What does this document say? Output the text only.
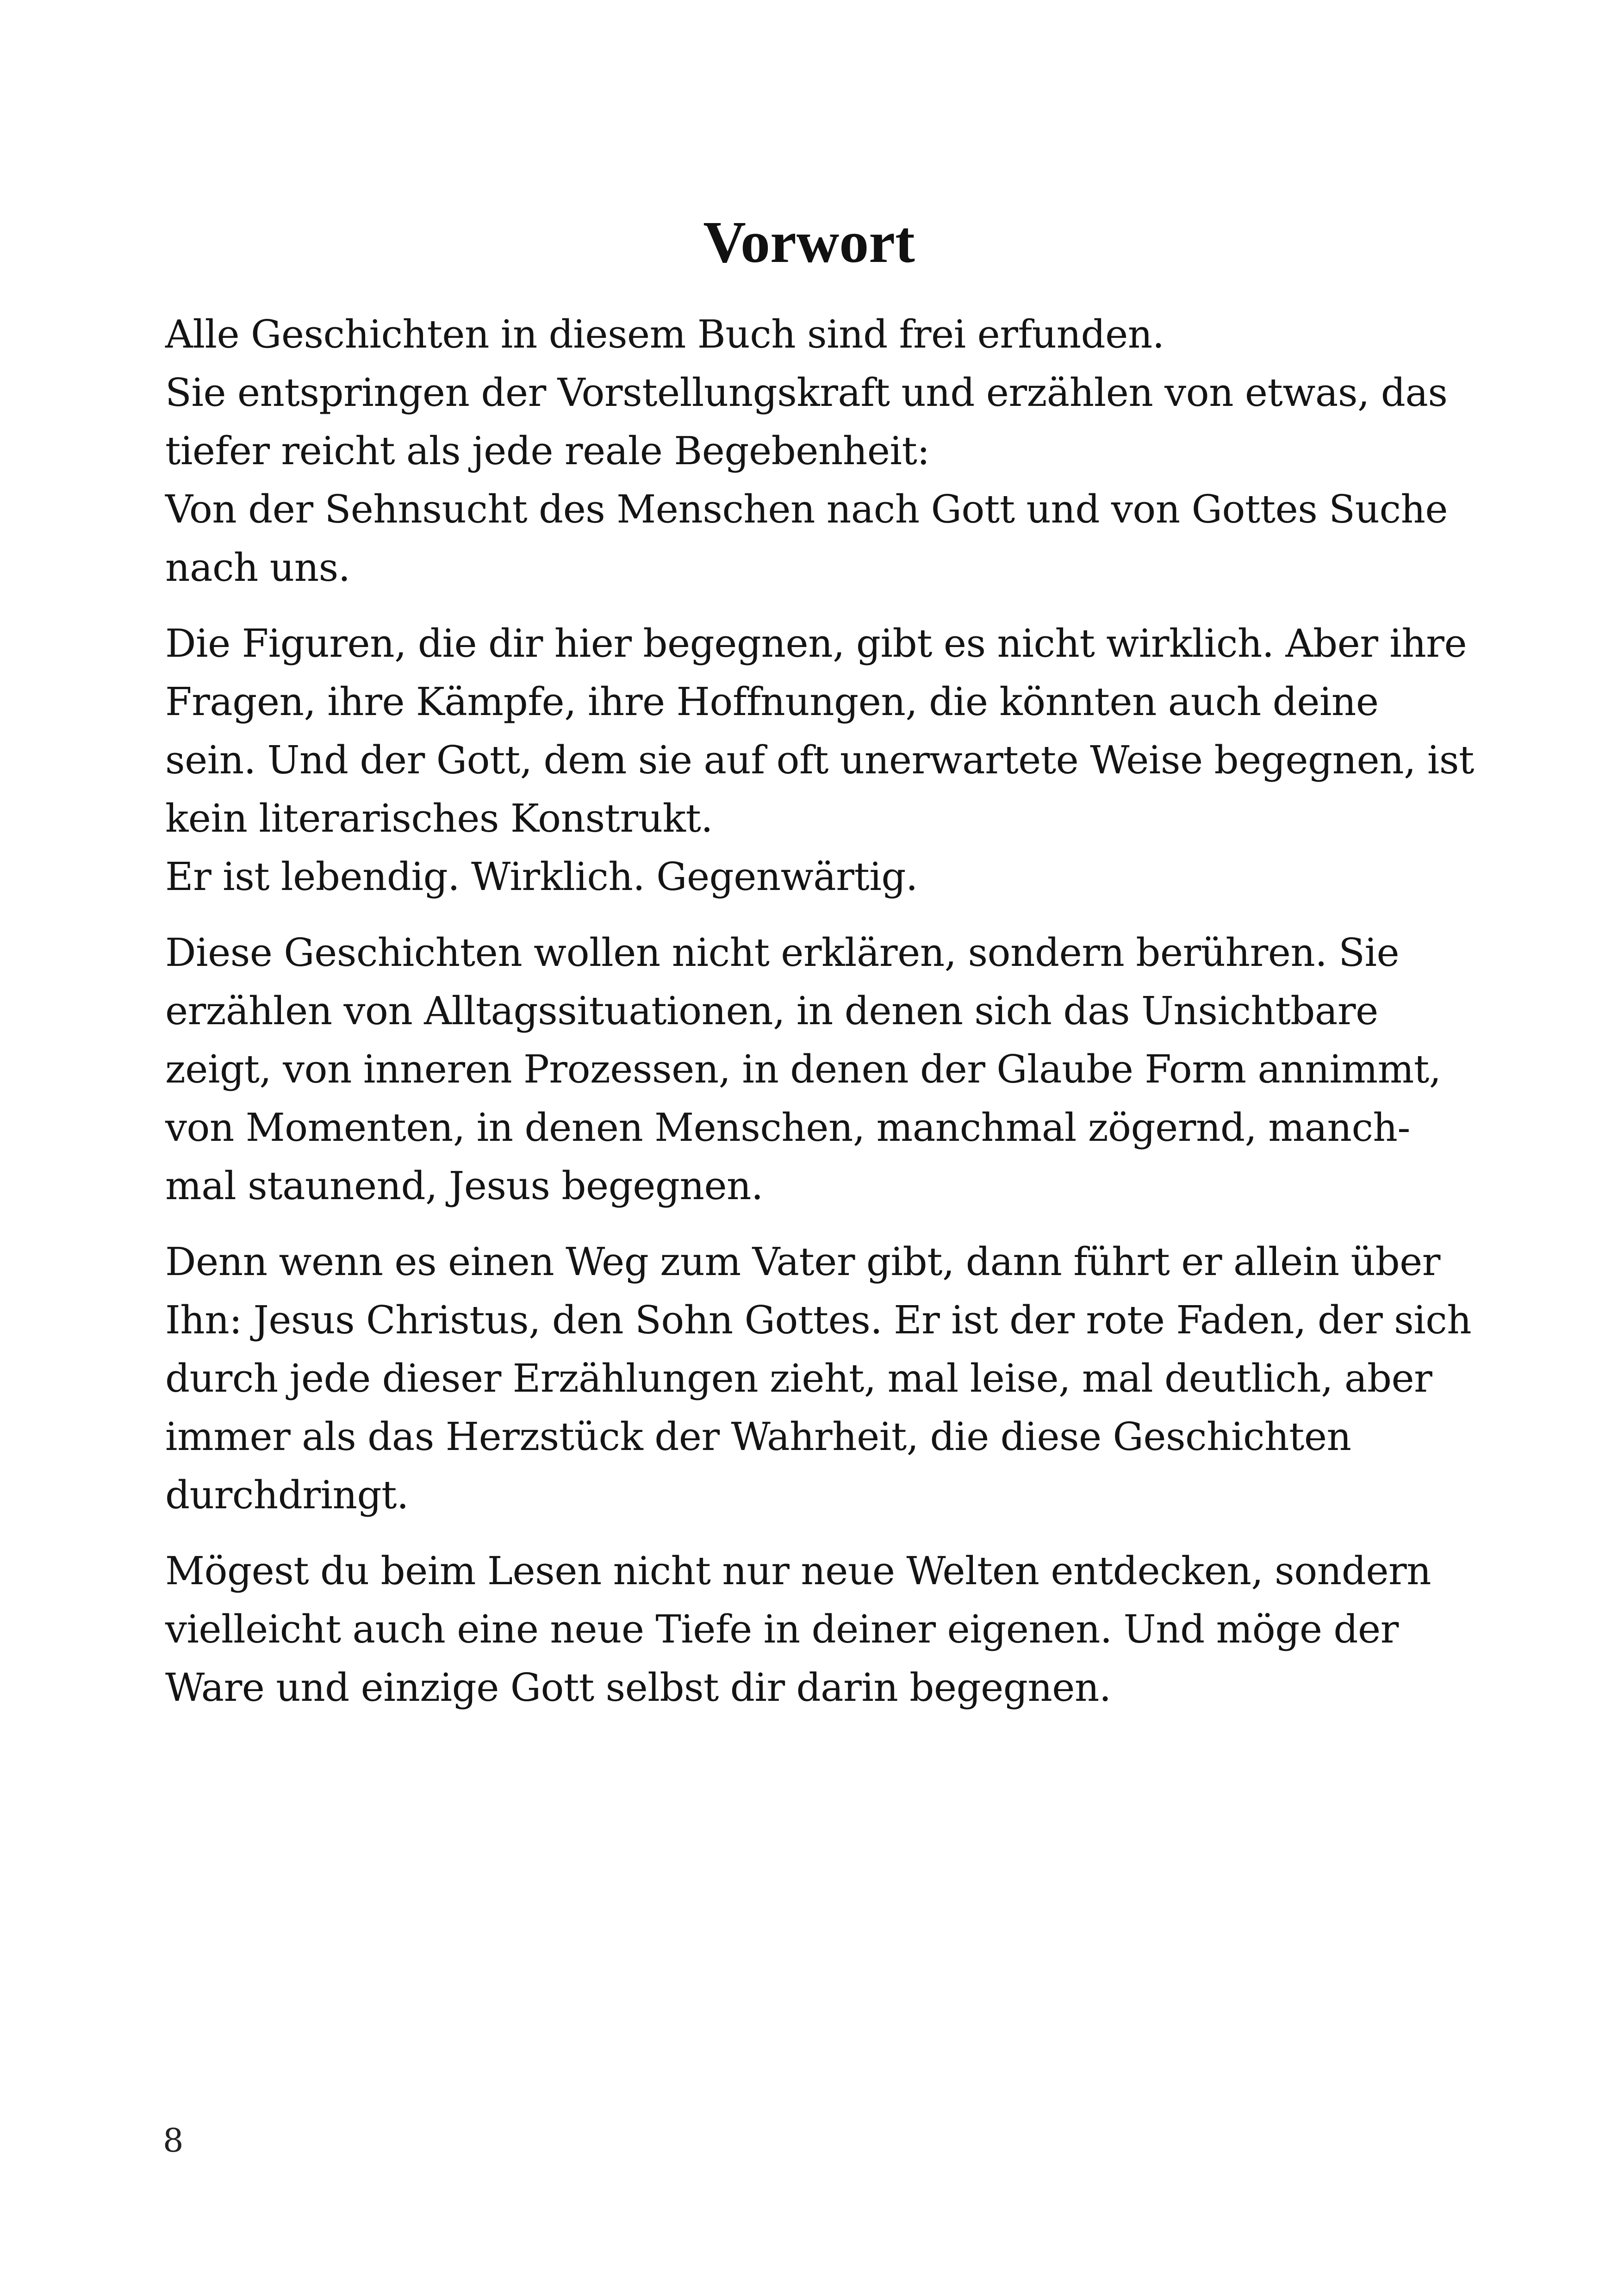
Vorwort

Alle Geschichten in diesem Buch sind frei erfunden.
Sie entspringen der Vorstellungskraft und erzählen von etwas, das
tiefer reicht als jede reale Begebenheit:
Von der Sehnsucht des Menschen nach Gott und von Gottes Suche
nach uns.

Die Figuren, die dir hier begegnen, gibt es nicht wirklich. Aber ihre
Fragen, ihre Kämpfe, ihre Hoffnungen, die könnten auch deine
sein. Und der Gott, dem sie auf oft unerwartete Weise begegnen, ist
kein literarisches Konstrukt.
Er ist lebendig. Wirklich. Gegenwärtig.

Diese Geschichten wollen nicht erklären, sondern berühren. Sie
erzählen von Alltagssituationen, in denen sich das Unsichtbare
zeigt, von inneren Prozessen, in denen der Glaube Form annimmt,
von Momenten, in denen Menschen, manchmal zögernd, manch-
mal staunend, Jesus begegnen.

Denn wenn es einen Weg zum Vater gibt, dann führt er allein über
Ihn: Jesus Christus, den Sohn Gottes. Er ist der rote Faden, der sich
durch jede dieser Erzählungen zieht, mal leise, mal deutlich, aber
immer als das Herzstück der Wahrheit, die diese Geschichten
durchdringt.

Mögest du beim Lesen nicht nur neue Welten entdecken, sondern
vielleicht auch eine neue Tiefe in deiner eigenen. Und möge der
Ware und einzige Gott selbst dir darin begegnen.

8
